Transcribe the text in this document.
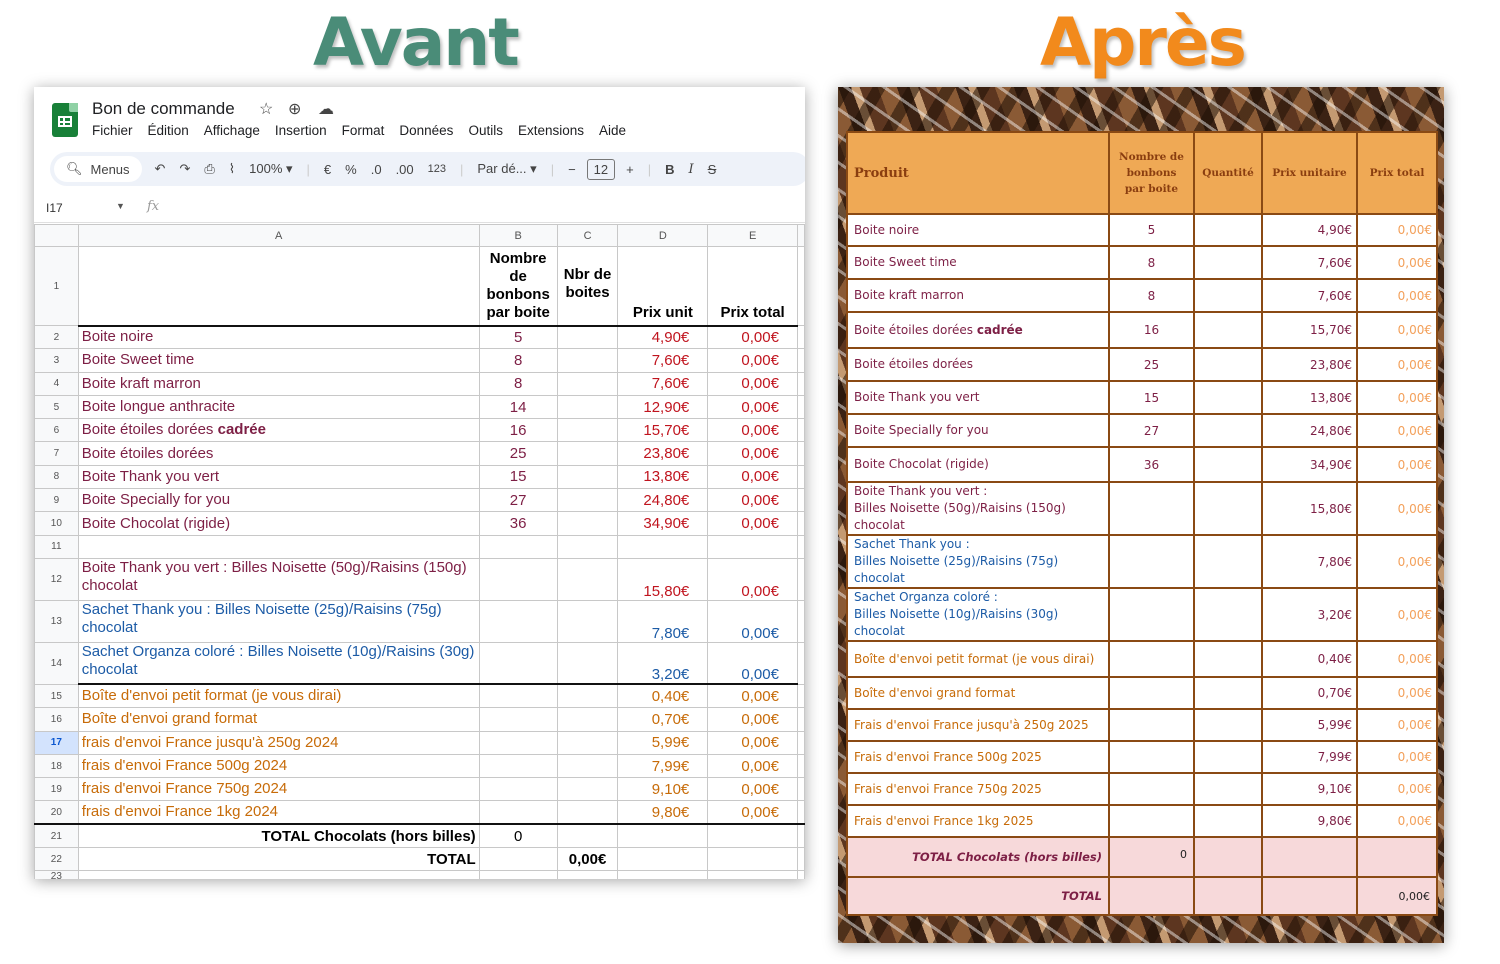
Avant	Après
Bon de commande ☆ ⊕ ☁
Fichier Édition Affichage Insertion Format Données Outils Extensions Aide
🔍︎ Menus	↶	↷	⎙	⌇	100% ▾	|	€	%	.0	.00	123	|	Par dé... ▾	|	−	12	+	|	B	I	S
I17	▼ fx
	A	B	C	D	E	
1		Nombre de bonbons par boite	Nbr de boites	Prix unit	Prix total	
2	Boite noire	5		4,90€	0,00€	
3	Boite Sweet time	8		7,60€	0,00€	
4	Boite kraft marron	8		7,60€	0,00€	
5	Boite longue anthracite	14		12,90€	0,00€	
6	Boite étoiles dorées cadrée	16		15,70€	0,00€	
7	Boite étoiles dorées	25		23,80€	0,00€	
8	Boite Thank you vert	15		13,80€	0,00€	
9	Boite Specially for you	27		24,80€	0,00€	
10	Boite Chocolat (rigide)	36		34,90€	0,00€	
11						
12	Boite Thank you vert : Billes Noisette (50g)/Raisins (150g) chocolat			15,80€	0,00€	
13	Sachet Thank you : Billes Noisette (25g)/Raisins (75g) chocolat			7,80€	0,00€	
14	Sachet Organza coloré : Billes Noisette (10g)/Raisins (30g) chocolat			3,20€	0,00€	
15	Boîte d'envoi petit format (je vous dirai)			0,40€	0,00€	
16	Boîte d'envoi grand format			0,70€	0,00€	
17	frais d'envoi France jusqu'à 250g 2024			5,99€	0,00€	
18	frais d'envoi France 500g 2024			7,99€	0,00€	
19	frais d'envoi France 750g 2024			9,10€	0,00€	
20	frais d'envoi France 1kg 2024			9,80€	0,00€	
21	TOTAL Chocolats (hors billes)	0				
22	TOTAL		0,00€			
23						
Produit	Nombre de bonbons par boite	Quantité	Prix unitaire	Prix total
Boite noire	5		4,90€	0,00€
Boite Sweet time	8		7,60€	0,00€
Boite kraft marron	8		7,60€	0,00€
Boite étoiles dorées cadrée	16		15,70€	0,00€
Boite étoiles dorées	25		23,80€	0,00€
Boite Thank you vert	15		13,80€	0,00€
Boite Specially for you	27		24,80€	0,00€
Boite Chocolat (rigide)	36		34,90€	0,00€
Boite Thank you vert :
Billes Noisette (50g)/Raisins (150g) chocolat			15,80€	0,00€
Sachet Thank you :
Billes Noisette (25g)/Raisins (75g) chocolat			7,80€	0,00€
Sachet Organza coloré :
Billes Noisette (10g)/Raisins (30g) chocolat			3,20€	0,00€
Boîte d'envoi petit format (je vous dirai)			0,40€	0,00€
Boîte d'envoi grand format			0,70€	0,00€
Frais d'envoi France jusqu'à 250g 2025			5,99€	0,00€
Frais d'envoi France 500g 2025			7,99€	0,00€
Frais d'envoi France 750g 2025			9,10€	0,00€
Frais d'envoi France 1kg 2025			9,80€	0,00€
TOTAL Chocolats (hors billes)	0			
TOTAL				0,00€
